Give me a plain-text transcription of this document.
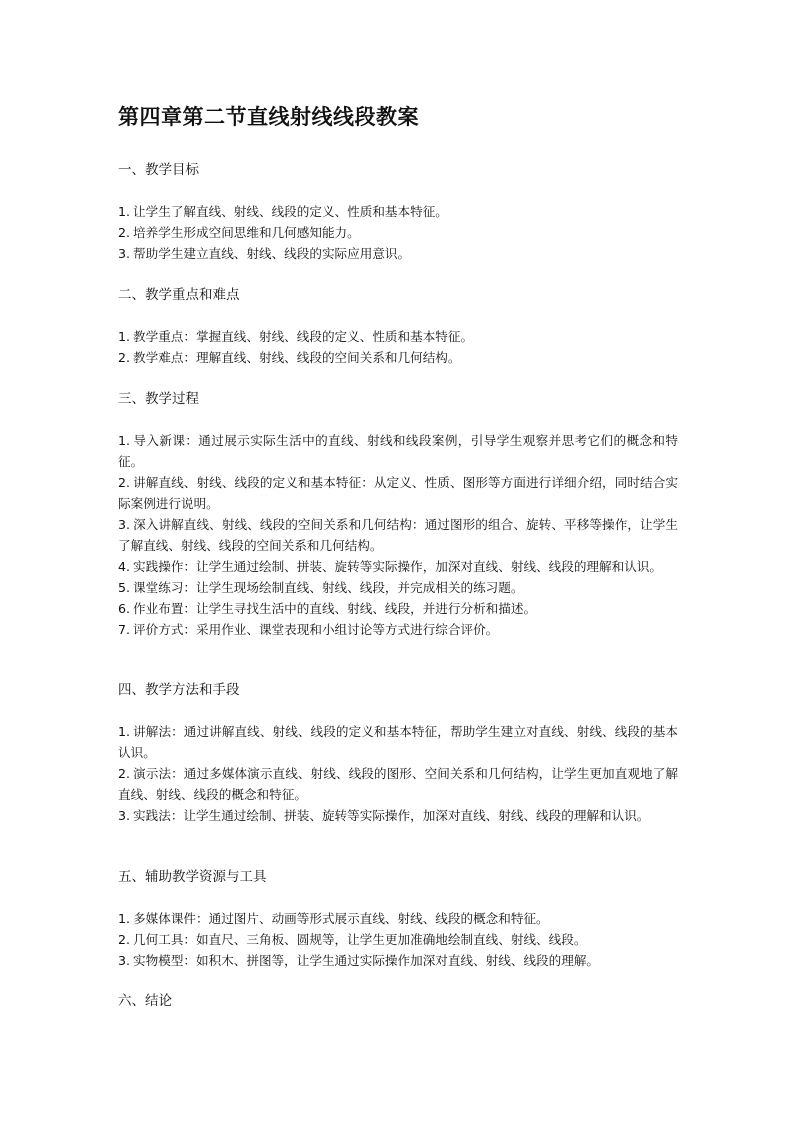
第四章第二节直线射线线段教案
一、教学目标
1. 让学生了解直线、射线、线段的定义、性质和基本特征。
2. 培养学生形成空间思维和几何感知能力。
3. 帮助学生建立直线、射线、线段的实际应用意识。
二、教学重点和难点
1. 教学重点：掌握直线、射线、线段的定义、性质和基本特征。
2. 教学难点：理解直线、射线、线段的空间关系和几何结构。
三、教学过程
1. 导入新课：通过展示实际生活中的直线、射线和线段案例，引导学生观察并思考它们的概念和特征。
2. 讲解直线、射线、线段的定义和基本特征：从定义、性质、图形等方面进行详细介绍，同时结合实际案例进行说明。
3. 深入讲解直线、射线、线段的空间关系和几何结构：通过图形的组合、旋转、平移等操作，让学生了解直线、射线、线段的空间关系和几何结构。
4. 实践操作：让学生通过绘制、拼装、旋转等实际操作，加深对直线、射线、线段的理解和认识。
5. 课堂练习：让学生现场绘制直线、射线、线段，并完成相关的练习题。
6. 作业布置：让学生寻找生活中的直线、射线、线段，并进行分析和描述。
7. 评价方式：采用作业、课堂表现和小组讨论等方式进行综合评价。
四、教学方法和手段
1. 讲解法：通过讲解直线、射线、线段的定义和基本特征，帮助学生建立对直线、射线、线段的基本认识。
2. 演示法：通过多媒体演示直线、射线、线段的图形、空间关系和几何结构，让学生更加直观地了解直线、射线、线段的概念和特征。
3. 实践法：让学生通过绘制、拼装、旋转等实际操作，加深对直线、射线、线段的理解和认识。
五、辅助教学资源与工具
1. 多媒体课件：通过图片、动画等形式展示直线、射线、线段的概念和特征。
2. 几何工具：如直尺、三角板、圆规等，让学生更加准确地绘制直线、射线、线段。
3. 实物模型：如积木、拼图等，让学生通过实际操作加深对直线、射线、线段的理解。
六、结论
